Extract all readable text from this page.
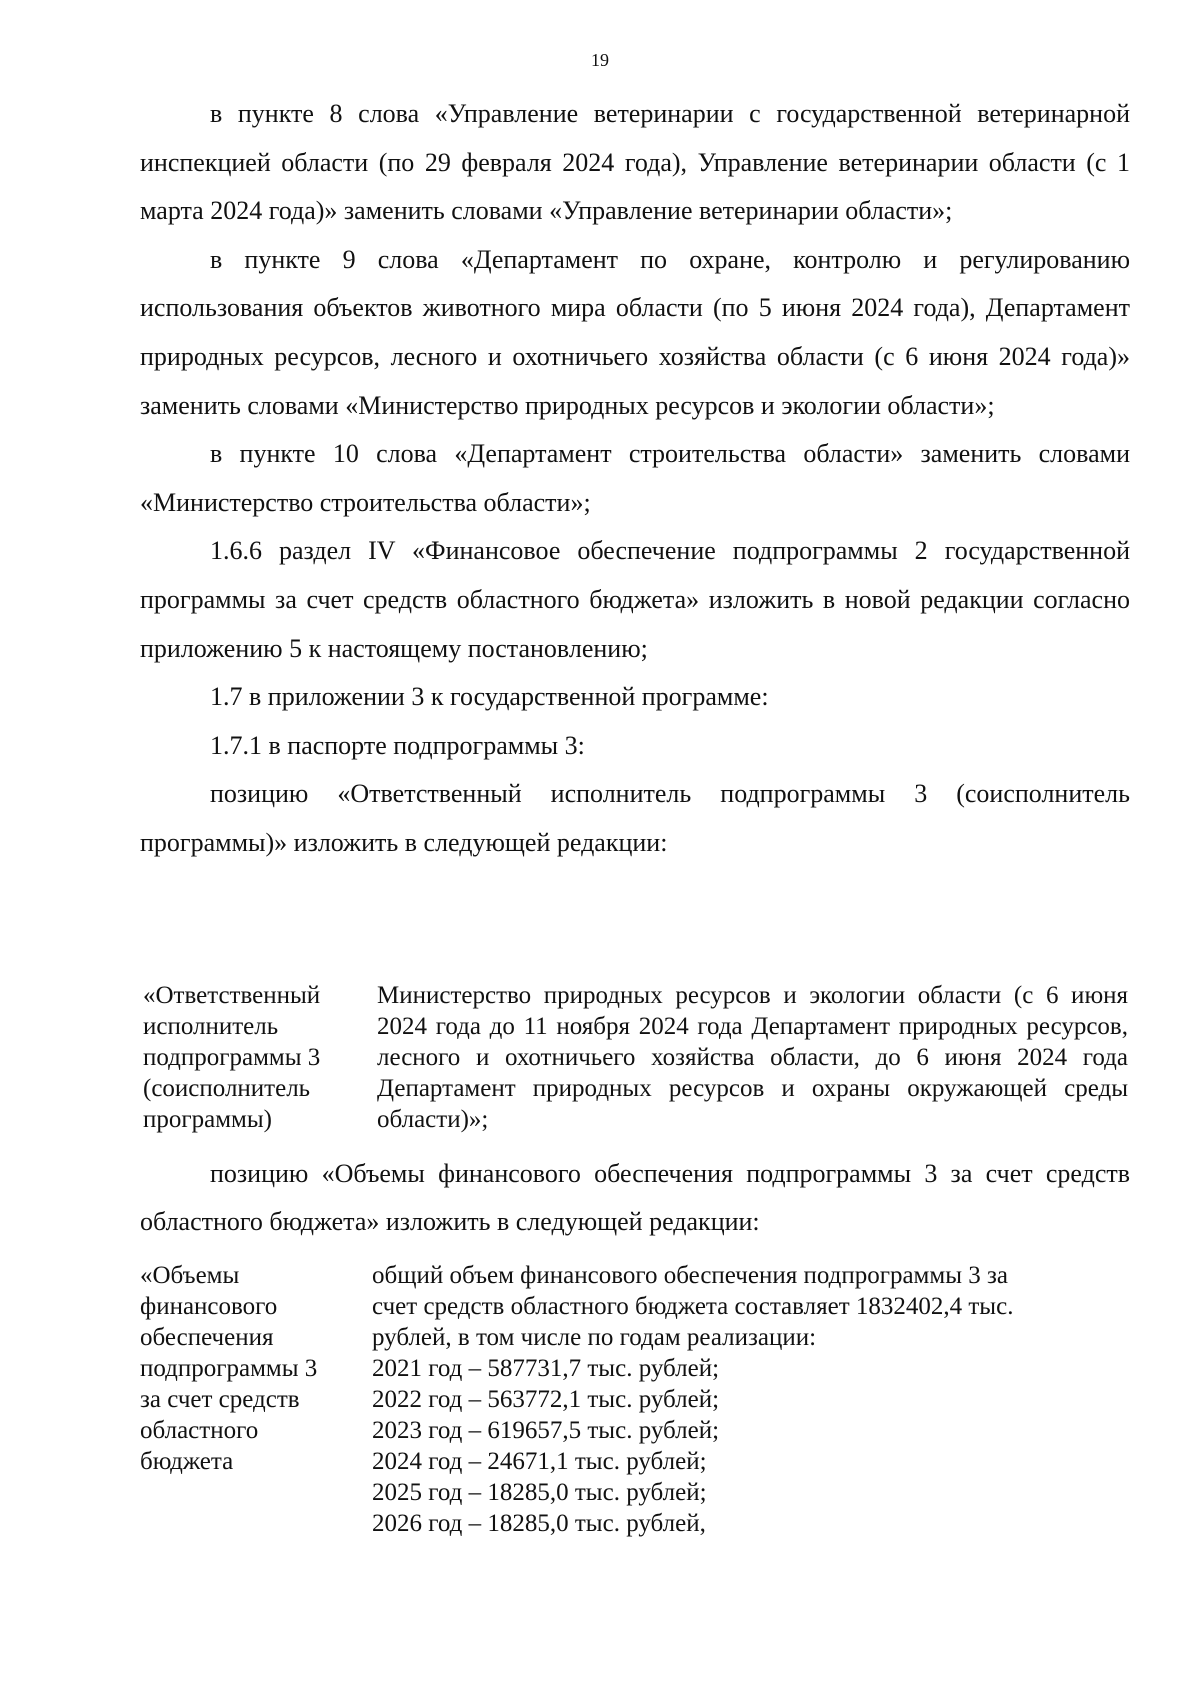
19

в пункте 8 слова «Управление ветеринарии с государственной ветеринарной инспекцией области (по 29 февраля 2024 года), Управление ветеринарии области (с 1 марта 2024 года)» заменить словами «Управление ветеринарии области»;

в пункте 9 слова «Департамент по охране, контролю и регулированию использования объектов животного мира области (по 5 июня 2024 года), Департамент природных ресурсов, лесного и охотничьего хозяйства области (с 6 июня 2024 года)» заменить словами «Министерство природных ресурсов и экологии области»;

в пункте 10 слова «Департамент строительства области» заменить словами «Министерство строительства области»;

1.6.6 раздел IV «Финансовое обеспечение подпрограммы 2 государственной программы за счет средств областного бюджета» изложить в новой редакции согласно приложению 5 к настоящему постановлению;

1.7 в приложении 3 к государственной программе:

1.7.1 в паспорте подпрограммы 3:

позицию «Ответственный исполнитель подпрограммы 3 (соисполнитель программы)» изложить в следующей редакции:

«Ответственный
исполнитель
подпрограммы 3
(соисполнитель
программы)
Министерство природных ресурсов и экологии области (с 6 июня 2024 года до 11 ноября 2024 года Департамент природных ресурсов, лесного и охотничьего хозяйства области, до 6 июня 2024 года Департамент природных ресурсов и охраны окружающей среды области)»;

позицию «Объемы финансового обеспечения подпрограммы 3 за счет средств областного бюджета» изложить в следующей редакции:

«Объемы
финансового
обеспечения
подпрограммы 3
за счет средств
областного
бюджета
общий объем финансового обеспечения подпрограммы 3 за
счет средств областного бюджета составляет 1832402,4 тыс.
рублей, в том числе по годам реализации:
2021 год – 587731,7 тыс. рублей;
2022 год – 563772,1 тыс. рублей;
2023 год – 619657,5 тыс. рублей;
2024 год – 24671,1 тыс. рублей;
2025 год – 18285,0 тыс. рублей;
2026 год – 18285,0 тыс. рублей,
